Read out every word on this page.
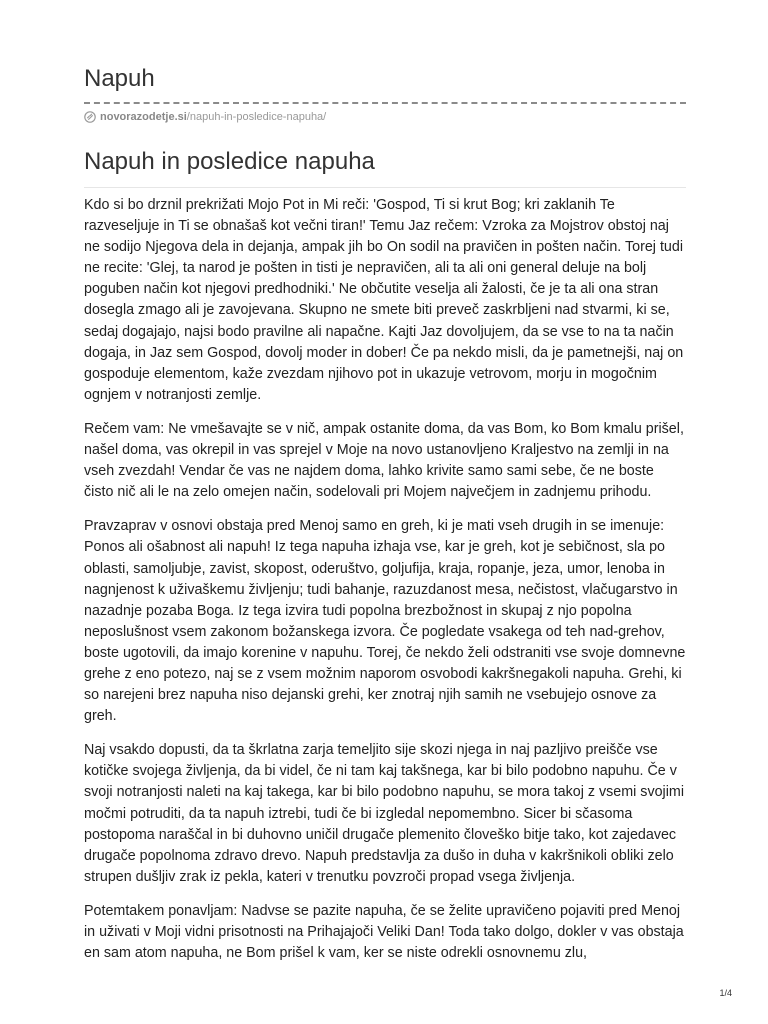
Napuh
novorazodetje.si /napuh-in-posledice-napuha/
Napuh in posledice napuha

Kdo si bo drznil prekrižati Mojo Pot in Mi reči: 'Gospod, Ti si krut Bog; kri zaklanih Te razveseljuje in Ti se obnašaš kot večni tiran!' Temu Jaz rečem: Vzroka za Mojstrov obstoj naj ne sodijo Njegova dela in dejanja, ampak jih bo On sodil na pravičen in pošten način. Torej tudi ne recite: 'Glej, ta narod je pošten in tisti je nepravičen, ali ta ali oni general deluje na bolj poguben način kot njegovi predhodniki.' Ne občutite veselja ali žalosti, če je ta ali ona stran dosegla zmago ali je zavojevana. Skupno ne smete biti preveč zaskrbljeni nad stvarmi, ki se, sedaj dogajajo, najsi bodo pravilne ali napačne. Kajti Jaz dovoljujem, da se vse to na ta način dogaja, in Jaz sem Gospod, dovolj moder in dober! Če pa nekdo misli, da je pametnejši, naj on gospoduje elementom, kaže zvezdam njihovo pot in ukazuje vetrovom, morju in mogočnim ognjem v notranjosti zemlje.

Rečem vam: Ne vmešavajte se v nič, ampak ostanite doma, da vas Bom, ko Bom kmalu prišel, našel doma, vas okrepil in vas sprejel v Moje na novo ustanovljeno Kraljestvo na zemlji in na vseh zvezdah! Vendar če vas ne najdem doma, lahko krivite samo sami sebe, če ne boste čisto nič ali le na zelo omejen način, sodelovali pri Mojem največjem in zadnjemu prihodu.

Pravzaprav v osnovi obstaja pred Menoj samo en greh, ki je mati vseh drugih in se imenuje: Ponos ali ošabnost ali napuh! Iz tega napuha izhaja vse, kar je greh, kot je sebičnost, sla po oblasti, samoljubje, zavist, skopost, oderuštvo, goljufija, kraja, ropanje, jeza, umor, lenoba in nagnjenost k uživaškemu življenju; tudi bahanje, razuzdanost mesa, nečistost, vlačugarstvo in nazadnje pozaba Boga. Iz tega izvira tudi popolna brezbožnost in skupaj z njo popolna neposlušnost vsem zakonom božanskega izvora. Če pogledate vsakega od teh nad-grehov, boste ugotovili, da imajo korenine v napuhu. Torej, če nekdo želi odstraniti vse svoje domnevne grehe z eno potezo, naj se z vsem možnim naporom osvobodi kakršnegakoli napuha. Grehi, ki so narejeni brez napuha niso dejanski grehi, ker znotraj njih samih ne vsebujejo osnove za greh.

Naj vsakdo dopusti, da ta škrlatna zarja temeljito sije skozi njega in naj pazljivo preišče vse kotičke svojega življenja, da bi videl, če ni tam kaj takšnega, kar bi bilo podobno napuhu. Če v svoji notranjosti naleti na kaj takega, kar bi bilo podobno napuhu, se mora takoj z vsemi svojimi močmi potruditi, da ta napuh iztrebi, tudi če bi izgledal nepomembno. Sicer bi sčasoma postopoma naraščal in bi duhovno uničil drugače plemenito človeško bitje tako, kot zajedavec drugače popolnoma zdravo drevo. Napuh predstavlja za dušo in duha v kakršnikoli obliki zelo strupen dušljiv zrak iz pekla, kateri v trenutku povzroči propad vsega življenja.

Potemtakem ponavljam: Nadvse se pazite napuha, če se želite upravičeno pojaviti pred Menoj in uživati v Moji vidni prisotnosti na Prihajajoči Veliki Dan! Toda tako dolgo, dokler v vas obstaja en sam atom napuha, ne Bom prišel k vam, ker se niste odrekli osnovnemu zlu,

1/4
